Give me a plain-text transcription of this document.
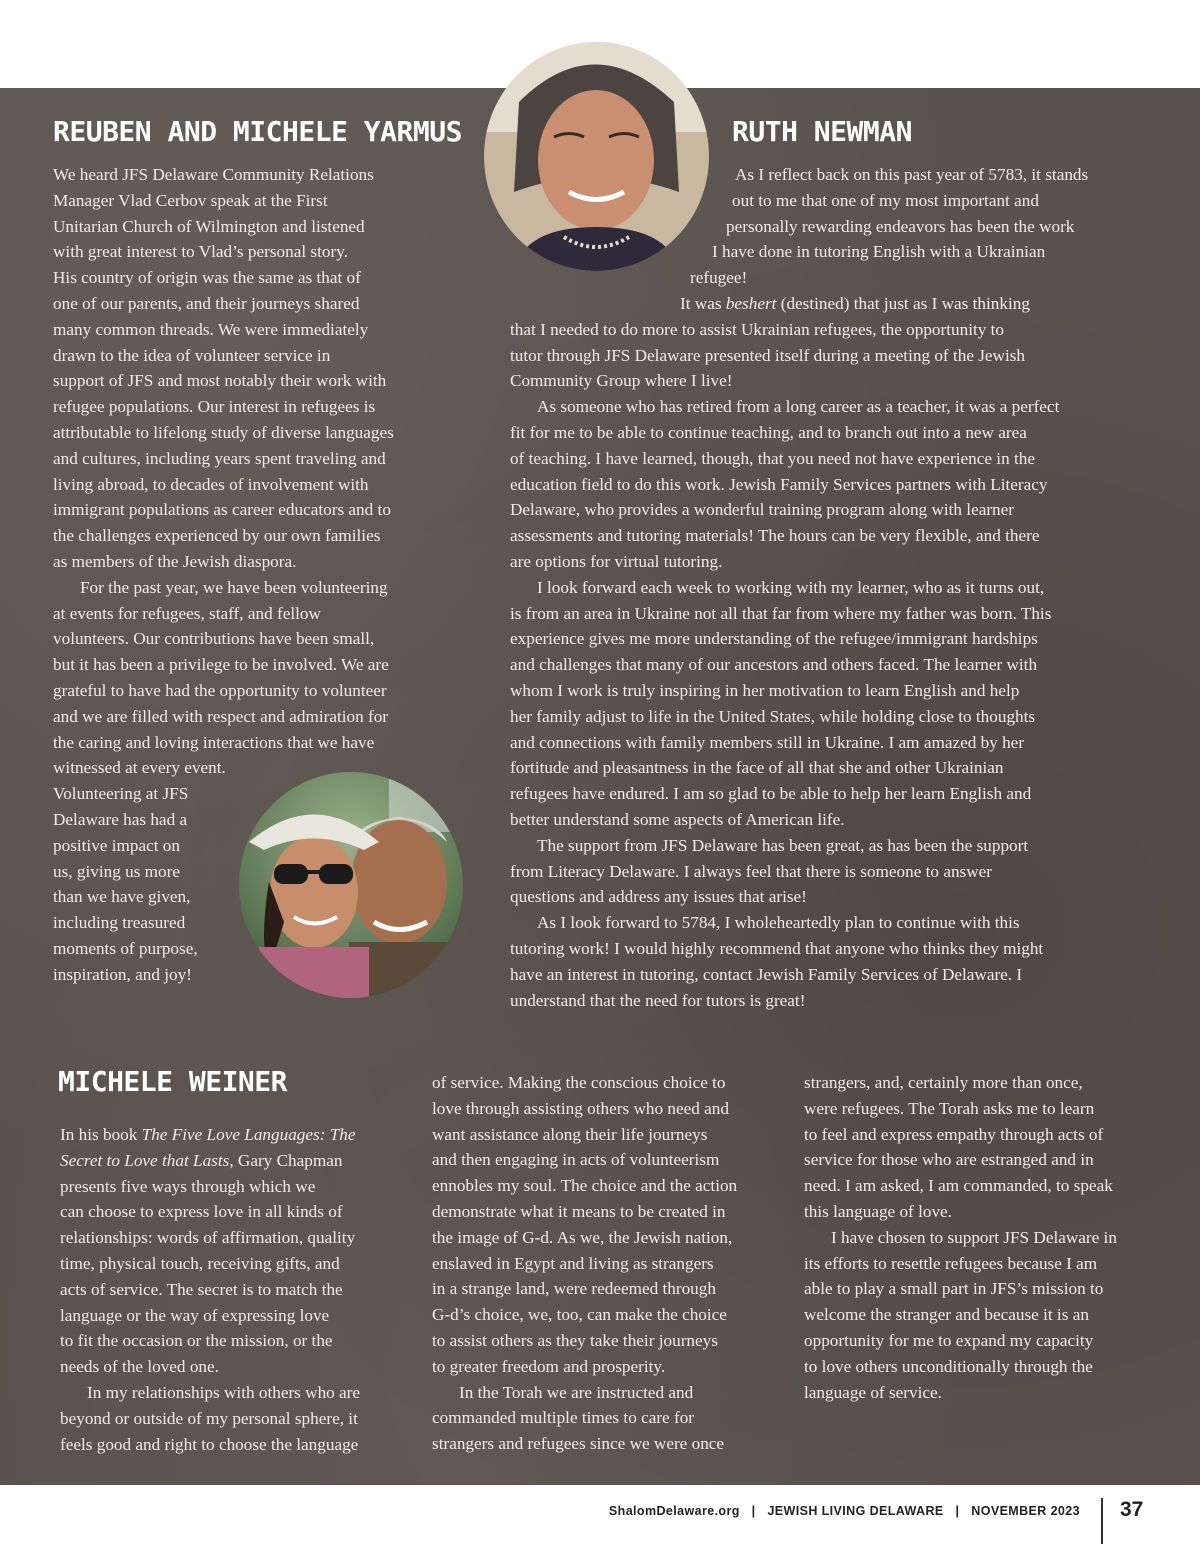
REUBEN AND MICHELE YARMUS

We heard JFS Delaware Community Relations
Manager Vlad Cerbov speak at the First
Unitarian Church of Wilmington and listened
with great interest to Vlad’s personal story.
His country of origin was the same as that of
one of our parents, and their journeys shared
many common threads. We were immediately
drawn to the idea of volunteer service in
support of JFS and most notably their work with
refugee populations. Our interest in refugees is
attributable to lifelong study of diverse languages
and cultures, including years spent traveling and
living abroad, to decades of involvement with
immigrant populations as career educators and to
the challenges experienced by our own families
as members of the Jewish diaspora.

For the past year, we have been volunteering
at events for refugees, staff, and fellow
volunteers. Our contributions have been small,
but it has been a privilege to be involved. We are
grateful to have had the opportunity to volunteer
and we are filled with respect and admiration for
the caring and loving interactions that we have
witnessed at every event.

Volunteering at JFS
Delaware has had a
positive impact on
us, giving us more
than we have given,
including treasured
moments of purpose,
inspiration, and joy!

RUTH NEWMAN

As I reflect back on this past year of 5783, it stands
out to me that one of my most important and
personally rewarding endeavors has been the work
I have done in tutoring English with a Ukrainian
refugee!

It was beshert (destined) that just as I was thinking
that I needed to do more to assist Ukrainian refugees, the opportunity to
tutor through JFS Delaware presented itself during a meeting of the Jewish
Community Group where I live!

As someone who has retired from a long career as a teacher, it was a perfect
fit for me to be able to continue teaching, and to branch out into a new area
of teaching. I have learned, though, that you need not have experience in the
education field to do this work. Jewish Family Services partners with Literacy
Delaware, who provides a wonderful training program along with learner
assessments and tutoring materials! The hours can be very flexible, and there
are options for virtual tutoring.

I look forward each week to working with my learner, who as it turns out,
is from an area in Ukraine not all that far from where my father was born. This
experience gives me more understanding of the refugee/immigrant hardships
and challenges that many of our ancestors and others faced. The learner with
whom I work is truly inspiring in her motivation to learn English and help
her family adjust to life in the United States, while holding close to thoughts
and connections with family members still in Ukraine. I am amazed by her
fortitude and pleasantness in the face of all that she and other Ukrainian
refugees have endured. I am so glad to be able to help her learn English and
better understand some aspects of American life.

The support from JFS Delaware has been great, as has been the support
from Literacy Delaware. I always feel that there is someone to answer
questions and address any issues that arise!

As I look forward to 5784, I wholeheartedly plan to continue with this
tutoring work! I would highly recommend that anyone who thinks they might
have an interest in tutoring, contact Jewish Family Services of Delaware. I
understand that the need for tutors is great!

MICHELE WEINER

In his book The Five Love Languages: The
Secret to Love that Lasts, Gary Chapman
presents five ways through which we
can choose to express love in all kinds of
relationships: words of affirmation, quality
time, physical touch, receiving gifts, and
acts of service. The secret is to match the
language or the way of expressing love
to fit the occasion or the mission, or the
needs of the loved one.

In my relationships with others who are
beyond or outside of my personal sphere, it
feels good and right to choose the language

of service. Making the conscious choice to
love through assisting others who need and
want assistance along their life journeys
and then engaging in acts of volunteerism
ennobles my soul. The choice and the action
demonstrate what it means to be created in
the image of G-d. As we, the Jewish nation,
enslaved in Egypt and living as strangers
in a strange land, were redeemed through
G-d’s choice, we, too, can make the choice
to assist others as they take their journeys
to greater freedom and prosperity.

In the Torah we are instructed and
commanded multiple times to care for
strangers and refugees since we were once

strangers, and, certainly more than once,
were refugees. The Torah asks me to learn
to feel and express empathy through acts of
service for those who are estranged and in
need. I am asked, I am commanded, to speak
this language of love.

I have chosen to support JFS Delaware in
its efforts to resettle refugees because I am
able to play a small part in JFS’s mission to
welcome the stranger and because it is an
opportunity for me to expand my capacity
to love others unconditionally through the
language of service.

ShalomDelaware.org | JEWISH LIVING DELAWARE | NOVEMBER 2023 37
